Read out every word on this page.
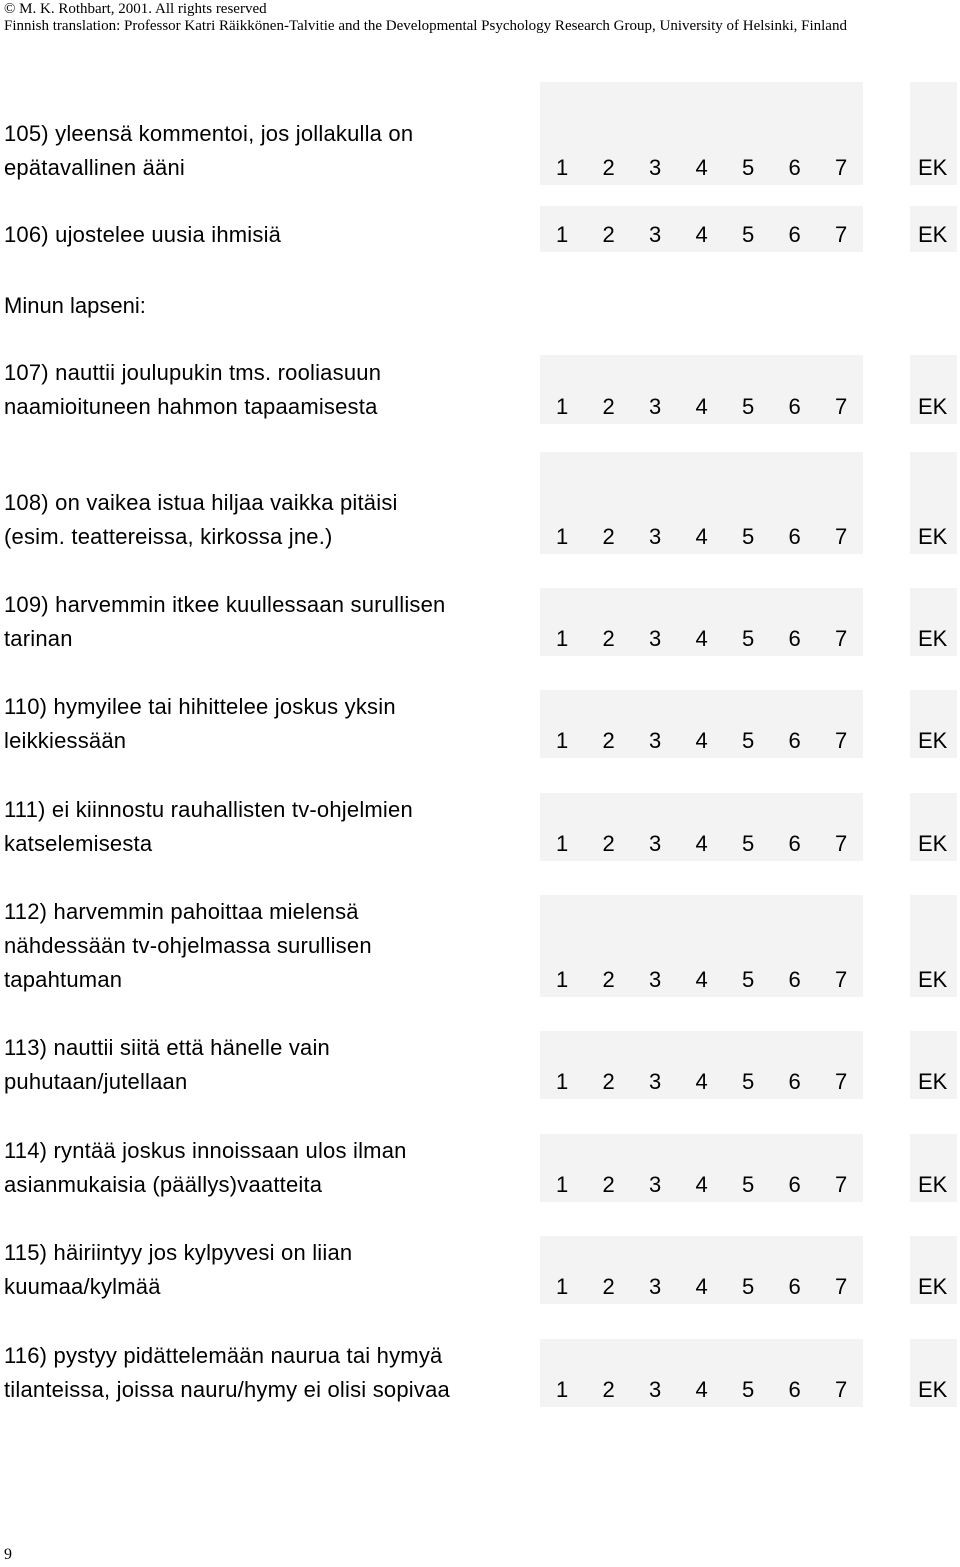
© M. K. Rothbart, 2001. All rights reserved
Finnish translation: Professor Katri Räikkönen-Talvitie and the Developmental Psychology Research Group, University of Helsinki, Finland
Minun lapseni:
105) yleensä kommentoi, jos jollakulla on
epätavallinen ääni	1	2	3	4	5	6	7	EK
106) ujostelee uusia ihmisiä	1	2	3	4	5	6	7	EK
107) nauttii joulupukin tms. rooliasuun
naamioituneen hahmon tapaamisesta	1	2	3	4	5	6	7	EK
108) on vaikea istua hiljaa vaikka pitäisi
(esim. teattereissa, kirkossa jne.)	1	2	3	4	5	6	7	EK
109) harvemmin itkee kuullessaan surullisen
tarinan	1	2	3	4	5	6	7	EK
110) hymyilee tai hihittelee joskus yksin
leikkiessään	1	2	3	4	5	6	7	EK
111) ei kiinnostu rauhallisten tv-ohjelmien
katselemisesta	1	2	3	4	5	6	7	EK
112) harvemmin pahoittaa mielensä
nähdessään tv-ohjelmassa surullisen
tapahtuman	1	2	3	4	5	6	7	EK
113) nauttii siitä että hänelle vain
puhutaan/jutellaan	1	2	3	4	5	6	7	EK
114) ryntää joskus innoissaan ulos ilman
asianmukaisia (päällys)vaatteita	1	2	3	4	5	6	7	EK
115) häiriintyy jos kylpyvesi on liian
kuumaa/kylmää	1	2	3	4	5	6	7	EK
116) pystyy pidättelemään naurua tai hymyä
tilanteissa, joissa nauru/hymy ei olisi sopivaa	1	2	3	4	5	6	7	EK
9
